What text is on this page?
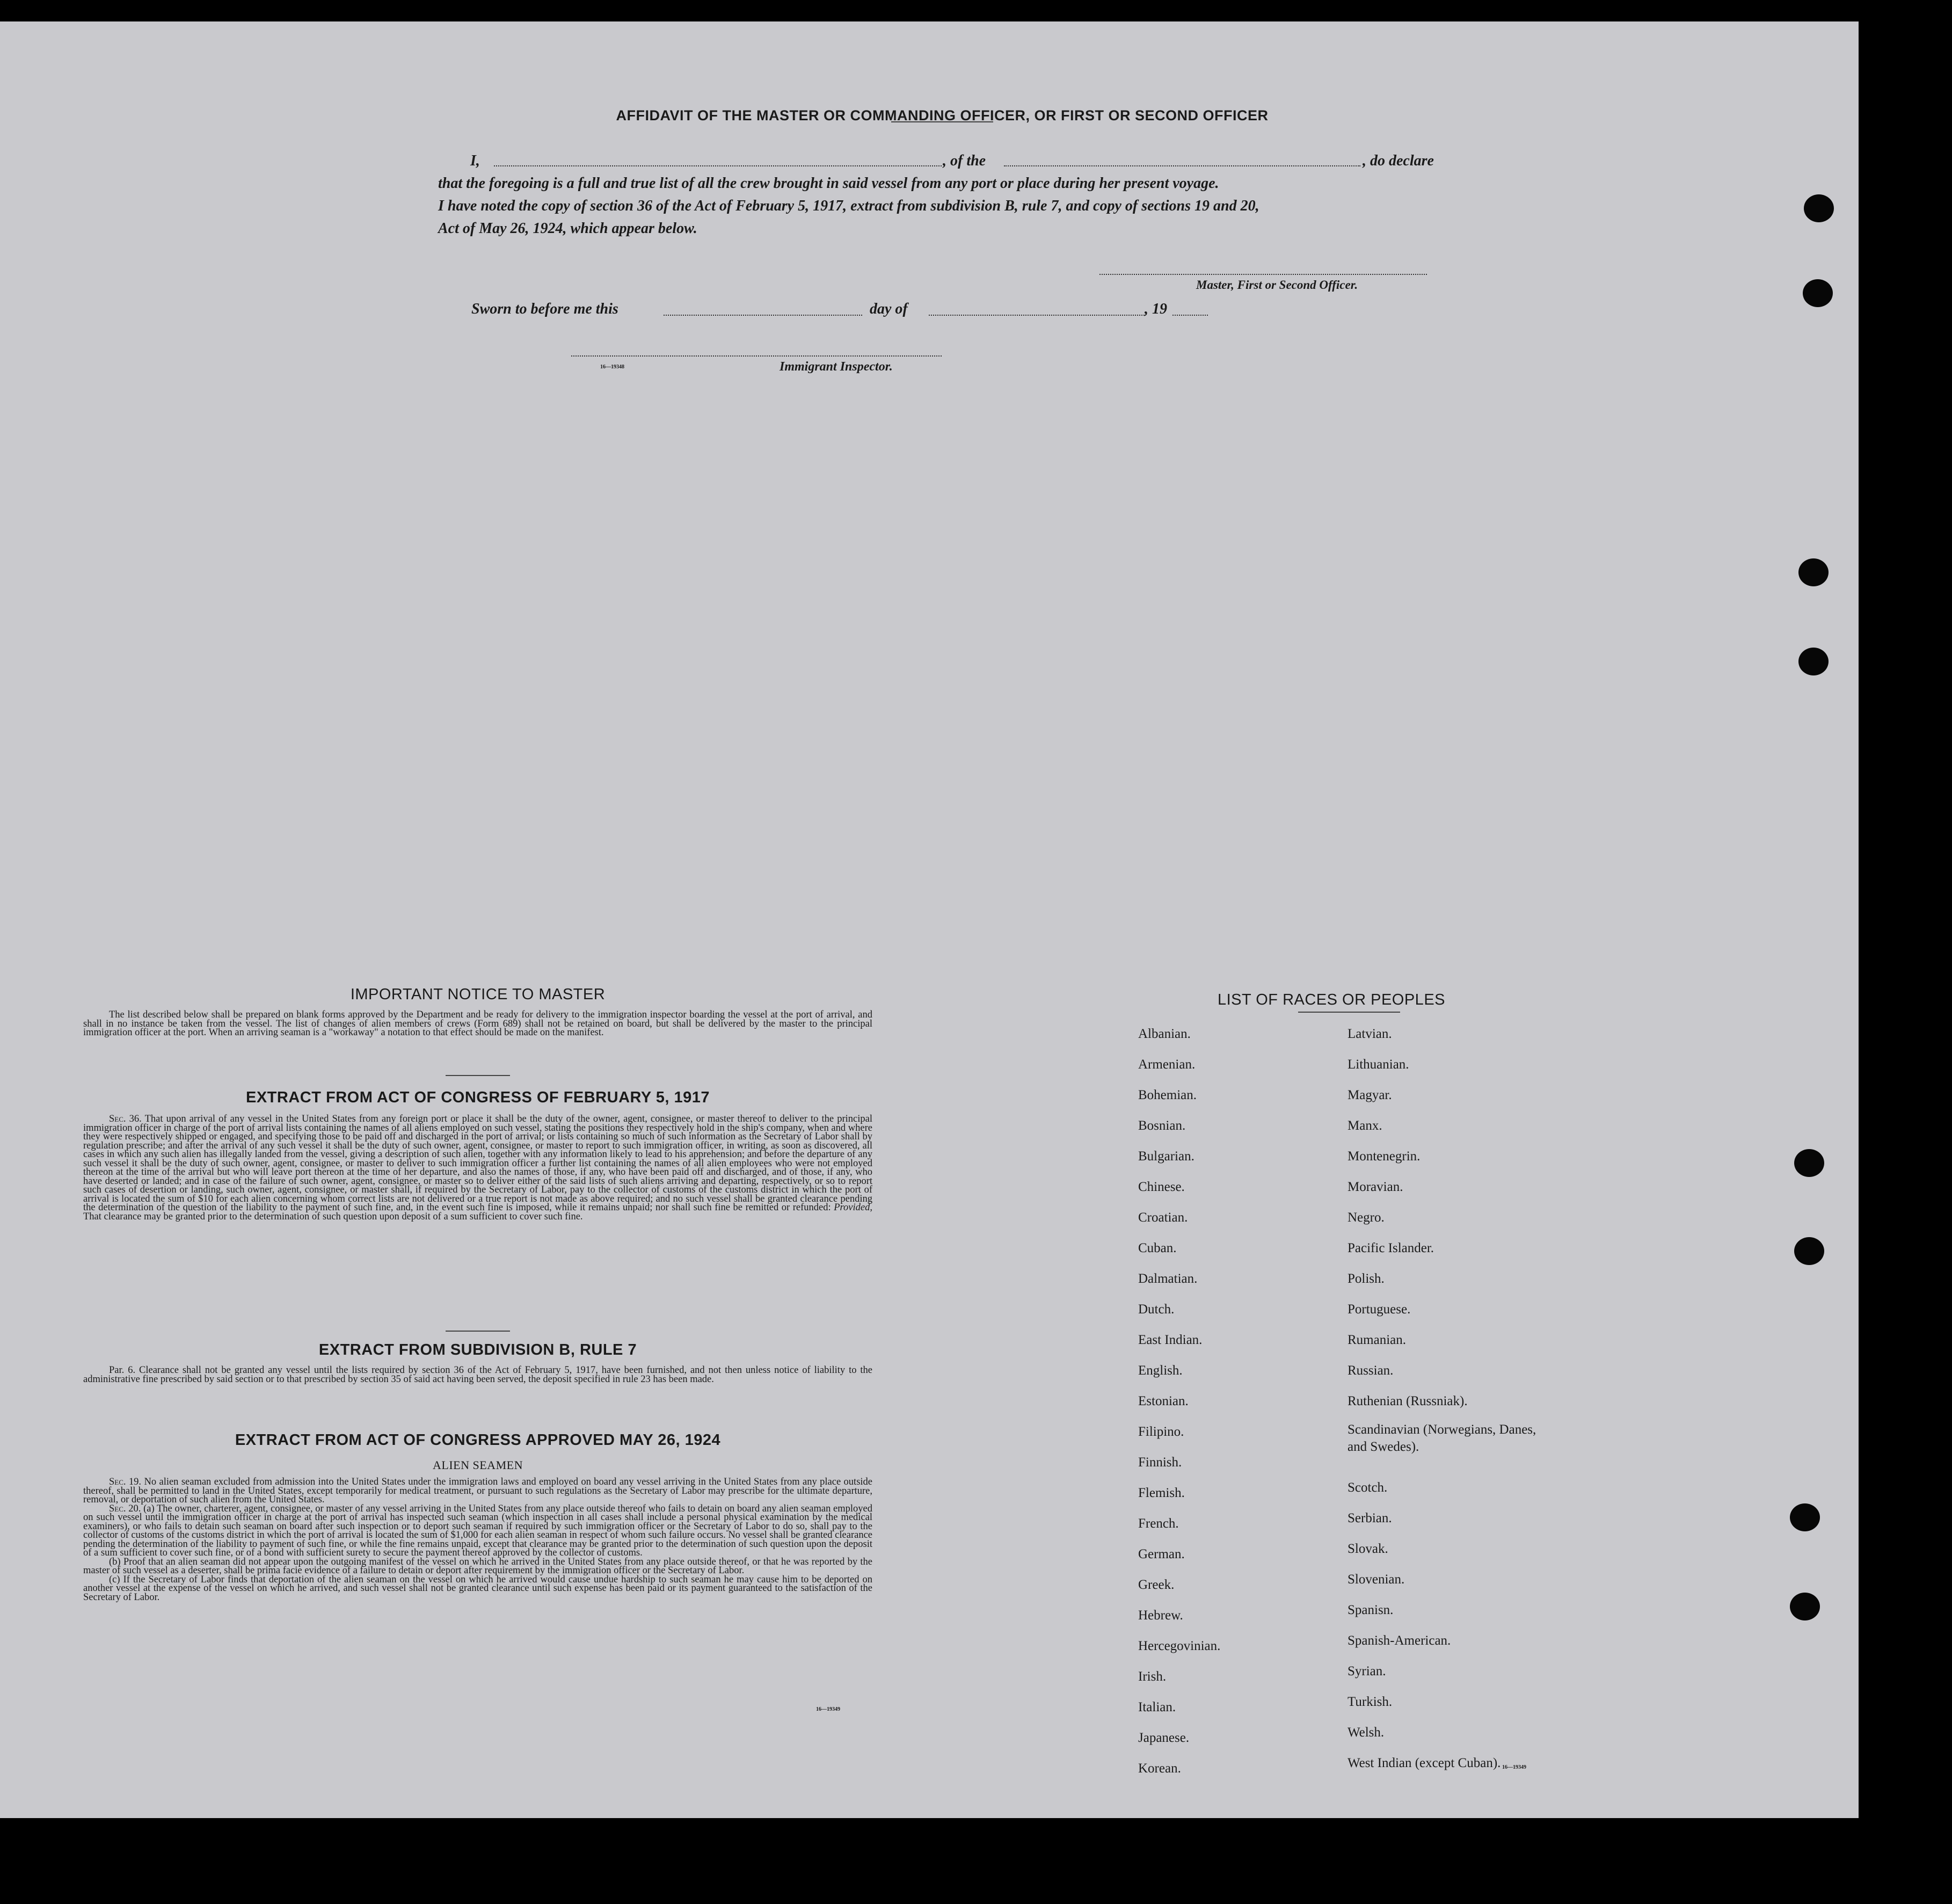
AFFIDAVIT OF THE MASTER OR COMMANDING OFFICER, OR FIRST OR SECOND OFFICER
I,	, of the	, do declare
that the foregoing is a full and true list of all the crew brought in said vessel from any port or place during her present voyage.
I have noted the copy of section 36 of the Act of February 5, 1917, extract from subdivision B, rule 7, and copy of sections 19 and 20,
Act of May 26, 1924, which appear below.
Master, First or Second Officer.
Sworn to before me this	day of	, 19
16—19348	Immigrant Inspector.
IMPORTANT NOTICE TO MASTER

The list described below shall be prepared on blank forms approved by the Department and be ready for delivery to the immigration inspector boarding the vessel at the port of arrival, and shall in no instance be taken from the vessel. The list of changes of alien members of crews (Form 689) shall not be retained on board, but shall be delivered by the master to the principal immigration officer at the port. When an arriving seaman is a "workaway" a notation to that effect should be made on the manifest.

EXTRACT FROM ACT OF CONGRESS OF FEBRUARY 5, 1917

Sec. 36. That upon arrival of any vessel in the United States from any foreign port or place it shall be the duty of the owner, agent, consignee, or master thereof to deliver to the principal immigration officer in charge of the port of arrival lists containing the names of all aliens employed on such vessel, stating the positions they respectively hold in the ship's company, when and where they were respectively shipped or engaged, and specifying those to be paid off and discharged in the port of arrival; or lists containing so much of such information as the Secretary of Labor shall by regulation prescribe; and after the arrival of any such vessel it shall be the duty of such owner, agent, consignee, or master to report to such immigration officer, in writing, as soon as discovered, all cases in which any such alien has illegally landed from the vessel, giving a description of such alien, together with any information likely to lead to his apprehension; and before the departure of any such vessel it shall be the duty of such owner, agent, consignee, or master to deliver to such immigration officer a further list containing the names of all alien employees who were not employed thereon at the time of the arrival but who will leave port thereon at the time of her departure, and also the names of those, if any, who have been paid off and discharged, and of those, if any, who have deserted or landed; and in case of the failure of such owner, agent, consignee, or master so to deliver either of the said lists of such aliens arriving and departing, respectively, or so to report such cases of desertion or landing, such owner, agent, consignee, or master shall, if required by the Secretary of Labor, pay to the collector of customs of the customs district in which the port of arrival is located the sum of $10 for each alien concerning whom correct lists are not delivered or a true report is not made as above required; and no such vessel shall be granted clearance pending the determination of the question of the liability to the payment of such fine, and, in the event such fine is imposed, while it remains unpaid; nor shall such fine be remitted or refunded: Provided, That clearance may be granted prior to the determination of such question upon deposit of a sum sufficient to cover such fine.

EXTRACT FROM SUBDIVISION B, RULE 7

Par. 6. Clearance shall not be granted any vessel until the lists required by section 36 of the Act of February 5, 1917, have been furnished, and not then unless notice of liability to the administrative fine prescribed by said section or to that prescribed by section 35 of said act having been served, the deposit specified in rule 23 has been made.

EXTRACT FROM ACT OF CONGRESS APPROVED MAY 26, 1924
ALIEN SEAMEN

Sec. 19. No alien seaman excluded from admission into the United States under the immigration laws and employed on board any vessel arriving in the United States from any place outside thereof, shall be permitted to land in the United States, except temporarily for medical treatment, or pursuant to such regulations as the Secretary of Labor may prescribe for the ultimate departure, removal, or deportation of such alien from the United States.

Sec. 20. (a) The owner, charterer, agent, consignee, or master of any vessel arriving in the United States from any place outside thereof who fails to detain on board any alien seaman employed on such vessel until the immigration officer in charge at the port of arrival has inspected such seaman (which inspection in all cases shall include a personal physical examination by the medical examiners), or who fails to detain such seaman on board after such inspection or to deport such seaman if required by such immigration officer or the Secretary of Labor to do so, shall pay to the collector of customs of the customs district in which the port of arrival is located the sum of $1,000 for each alien seaman in respect of whom such failure occurs. No vessel shall be granted clearance pending the determination of the liability to payment of such fine, or while the fine remains unpaid, except that clearance may be granted prior to the determination of such question upon the deposit of a sum sufficient to cover such fine, or of a bond with sufficient surety to secure the payment thereof approved by the collector of customs.

(b) Proof that an alien seaman did not appear upon the outgoing manifest of the vessel on which he arrived in the United States from any place outside thereof, or that he was reported by the master of such vessel as a deserter, shall be prima facie evidence of a failure to detain or deport after requirement by the immigration officer or the Secretary of Labor.

(c) If the Secretary of Labor finds that deportation of the alien seaman on the vessel on which he arrived would cause undue hardship to such seaman he may cause him to be deported on another vessel at the expense of the vessel on which he arrived, and such vessel shall not be granted clearance until such expense has been paid or its payment guaranteed to the satisfaction of the Secretary of Labor.

16—19349
LIST OF RACES OR PEOPLES
16—19349
Albanian.
Armenian.
Bohemian.
Bosnian.
Bulgarian.
Chinese.
Croatian.
Cuban.
Dalmatian.
Dutch.
East Indian.
English.
Estonian.
Filipino.
Finnish.
Flemish.
French.
German.
Greek.
Hebrew.
Hercegovinian.
Irish.
Italian.
Japanese.
Korean.
Latvian.
Lithuanian.
Magyar.
Manx.
Montenegrin.
Moravian.
Negro.
Pacific Islander.
Polish.
Portuguese.
Rumanian.
Russian.
Ruthenian (Russniak).
Scandinavian (Norwegians, Danes, and Swedes).
Scotch.
Serbian.
Slovak.
Slovenian.
Spanisn.
Spanish-American.
Syrian.
Turkish.
Welsh.
West Indian (except Cuban).
